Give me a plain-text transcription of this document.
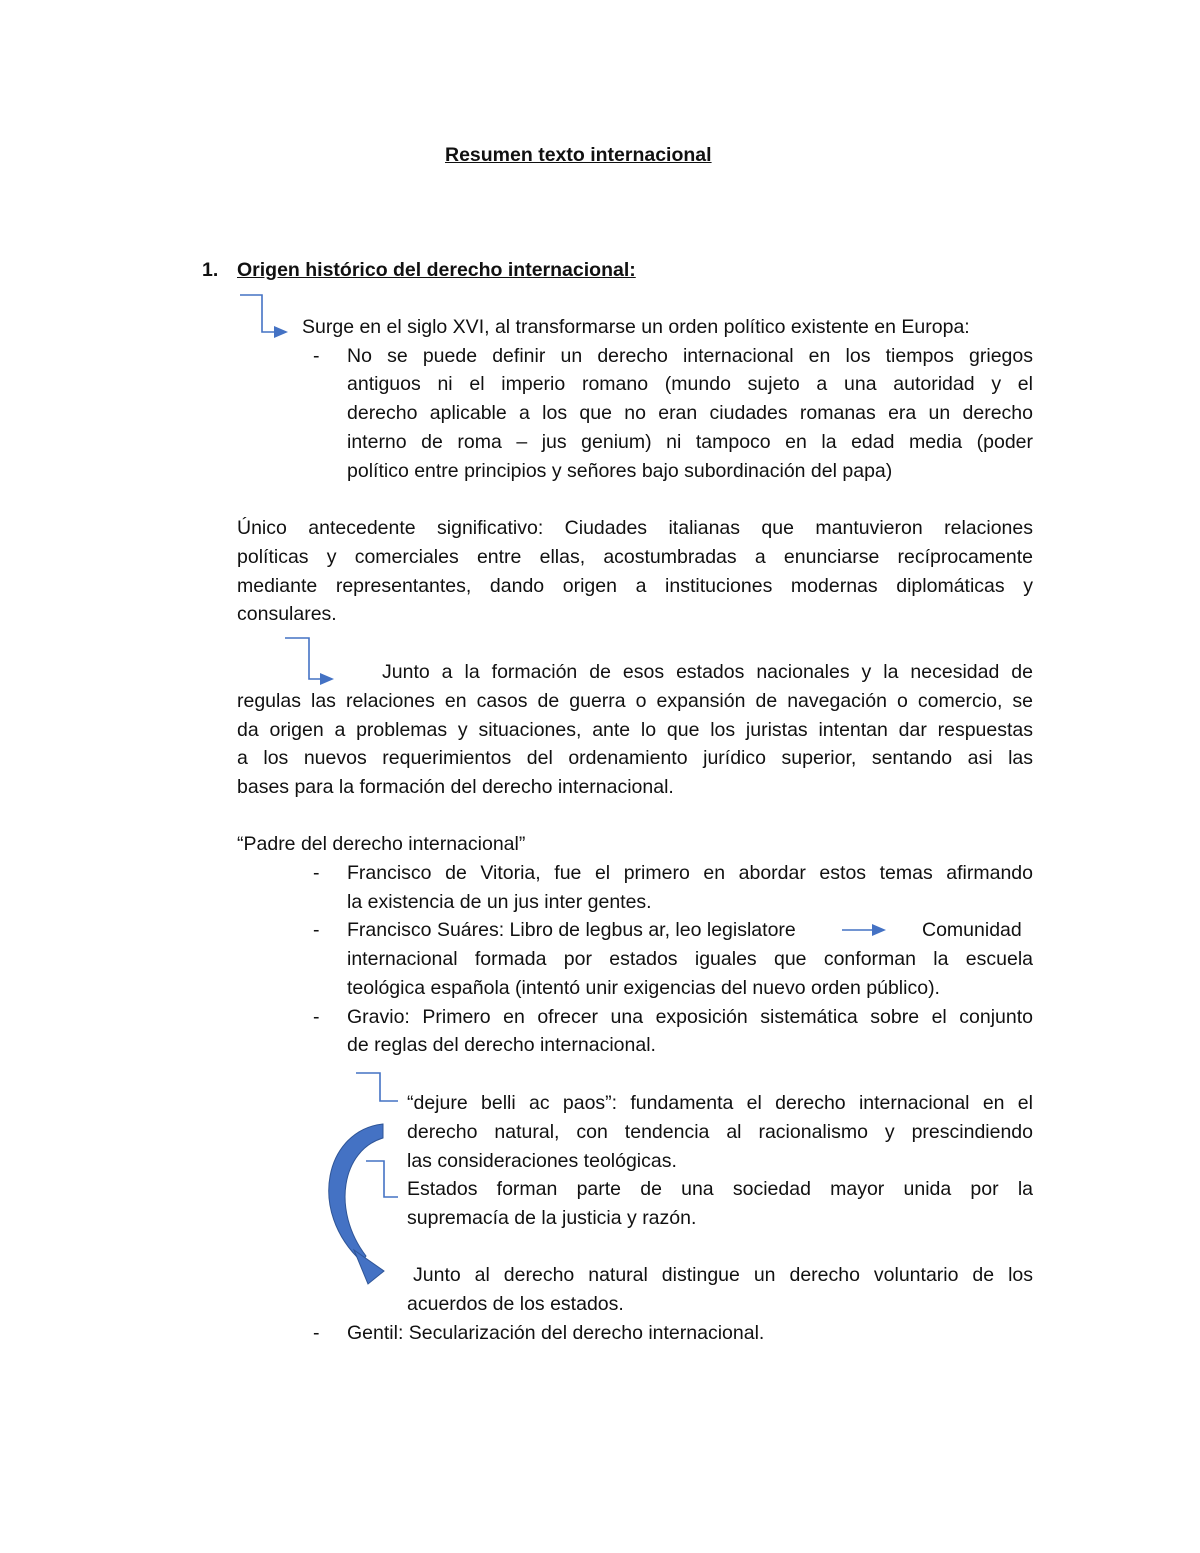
Resumen texto internacional
1. Origen histórico del derecho internacional:
Surge en el siglo XVI, al transformarse un orden político existente en Europa:
- No se puede definir un derecho internacional en los tiempos griegos
antiguos ni el imperio romano (mundo sujeto a una autoridad y el
derecho aplicable a los que no eran ciudades romanas era un derecho
interno de roma – jus genium) ni tampoco en la edad media (poder
político entre principios y señores bajo subordinación del papa)
Único antecedente significativo: Ciudades italianas que mantuvieron relaciones
políticas y comerciales entre ellas, acostumbradas a enunciarse recíprocamente
mediante representantes, dando origen a instituciones modernas diplomáticas y
consulares.
Junto a la formación de esos estados nacionales y la necesidad de
regulas las relaciones en casos de guerra o expansión de navegación o comercio, se
da origen a problemas y situaciones, ante lo que los juristas intentan dar respuestas
a los nuevos requerimientos del ordenamiento jurídico superior, sentando asi las
bases para la formación del derecho internacional.
“Padre del derecho internacional”
- Francisco de Vitoria, fue el primero en abordar estos temas afirmando
la existencia de un jus inter gentes.
- Francisco Suáres: Libro de legbus ar, leo legislatore	Comunidad
internacional formada por estados iguales que conforman la escuela
teológica española (intentó unir exigencias del nuevo orden público).
- Gravio: Primero en ofrecer una exposición sistemática sobre el conjunto
de reglas del derecho internacional.
“dejure belli ac paos”: fundamenta el derecho internacional en el
derecho natural, con tendencia al racionalismo y prescindiendo
las consideraciones teológicas.
Estados forman parte de una sociedad mayor unida por la
supremacía de la justicia y razón.
Junto al derecho natural distingue un derecho voluntario de los
acuerdos de los estados.
- Gentil: Secularización del derecho internacional.
